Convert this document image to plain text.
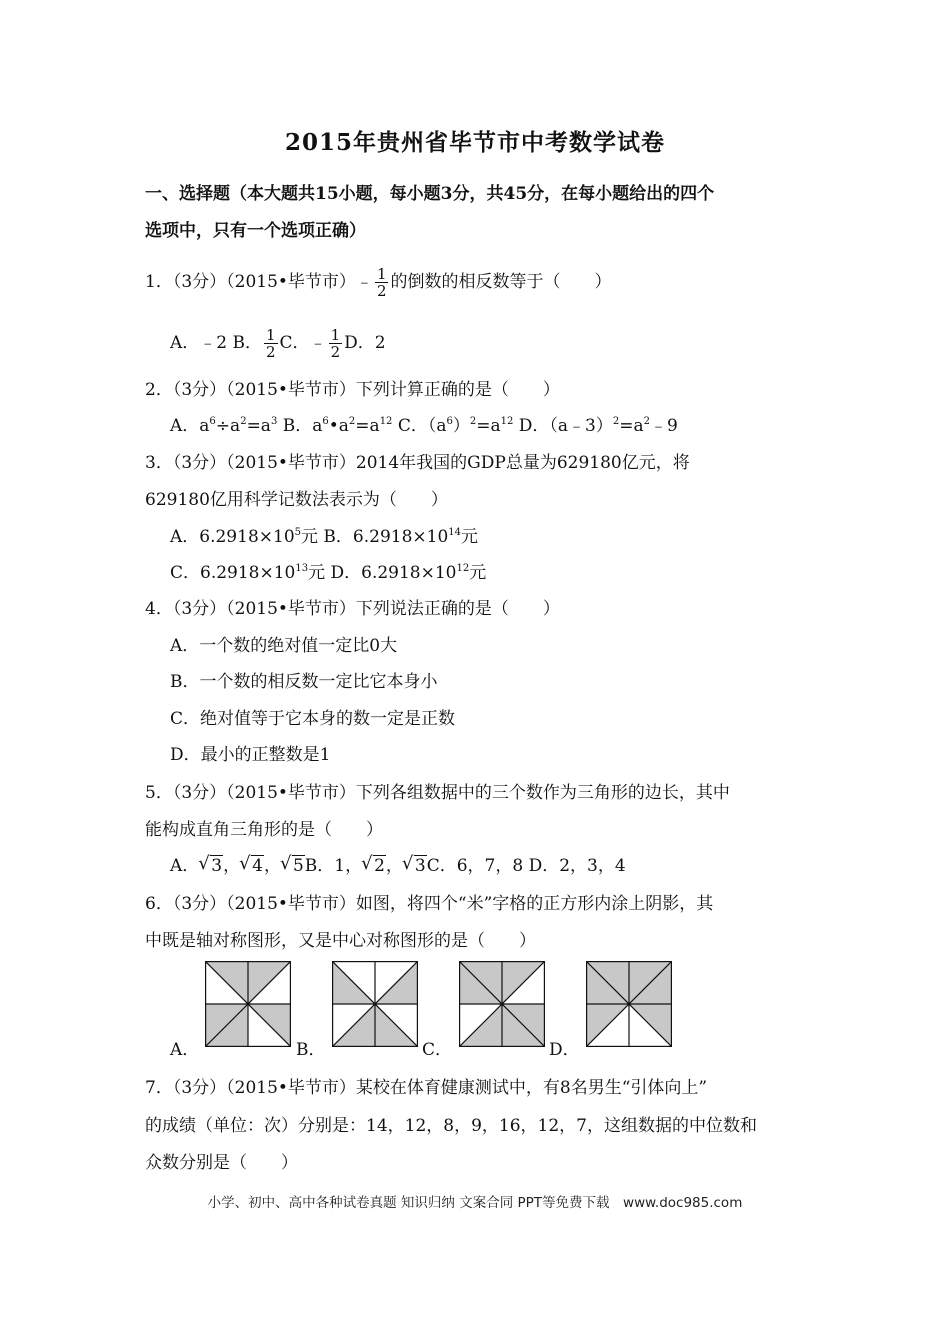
2015年贵州省毕节市中考数学试卷
一、选择题（本大题共15小题，每小题3分，共45分，在每小题给出的四个
选项中，只有一个选项正确）
1．（3分）（2015•毕节市）﹣ $\frac{1}{2}$ 的倒数的相反数等于（　　）
A．﹣2 B． $\frac{1}{2}$ C．﹣ $\frac{1}{2}$ D．2
2．（3分）（2015•毕节市）下列计算正确的是（　　）
A．$a^6\div a^2=a^3$ B．$a^6•a^2=a^{12}$ C．$(a^6)^2=a^{12}$ D．$(a﹣3)^2=a^2﹣9$
3．（3分）（2015•毕节市）2014年我国的GDP总量为629180亿元，将
629180亿用科学记数法表示为（　　）
A．$6.2918\times 10^5$元 B．$6.2918\times 10^{14}$元
C．$6.2918\times 10^{13}$元 D．$6.2918\times 10^{12}$元
4．（3分）（2015•毕节市）下列说法正确的是（　　）
A．一个数的绝对值一定比0大
B．一个数的相反数一定比它本身小
C．绝对值等于它本身的数一定是正数
D．最小的正整数是1
5．（3分）（2015•毕节市）下列各组数据中的三个数作为三角形的边长，其中
能构成直角三角形的是（　　）
A． √ 3， √ 4， √ 5B．1， √ 2， √ 3C．6，7，8 D．2，3，4
6．（3分）（2015•毕节市）如图，将四个“米”字格的正方形内涂上阴影，其
中既是轴对称图形，又是中心对称图形的是（　　）
A．	B．	C．	D．
7．（3分）（2015•毕节市）某校在体育健康测试中，有8名男生“引体向上”
的成绩（单位：次）分别是：14，12，8，9，16，12，7，这组数据的中位数和
众数分别是（　　）
小学、初中、高中各种试卷真题 知识归纳 文案合同 PPT等免费下载　www.doc985.com
